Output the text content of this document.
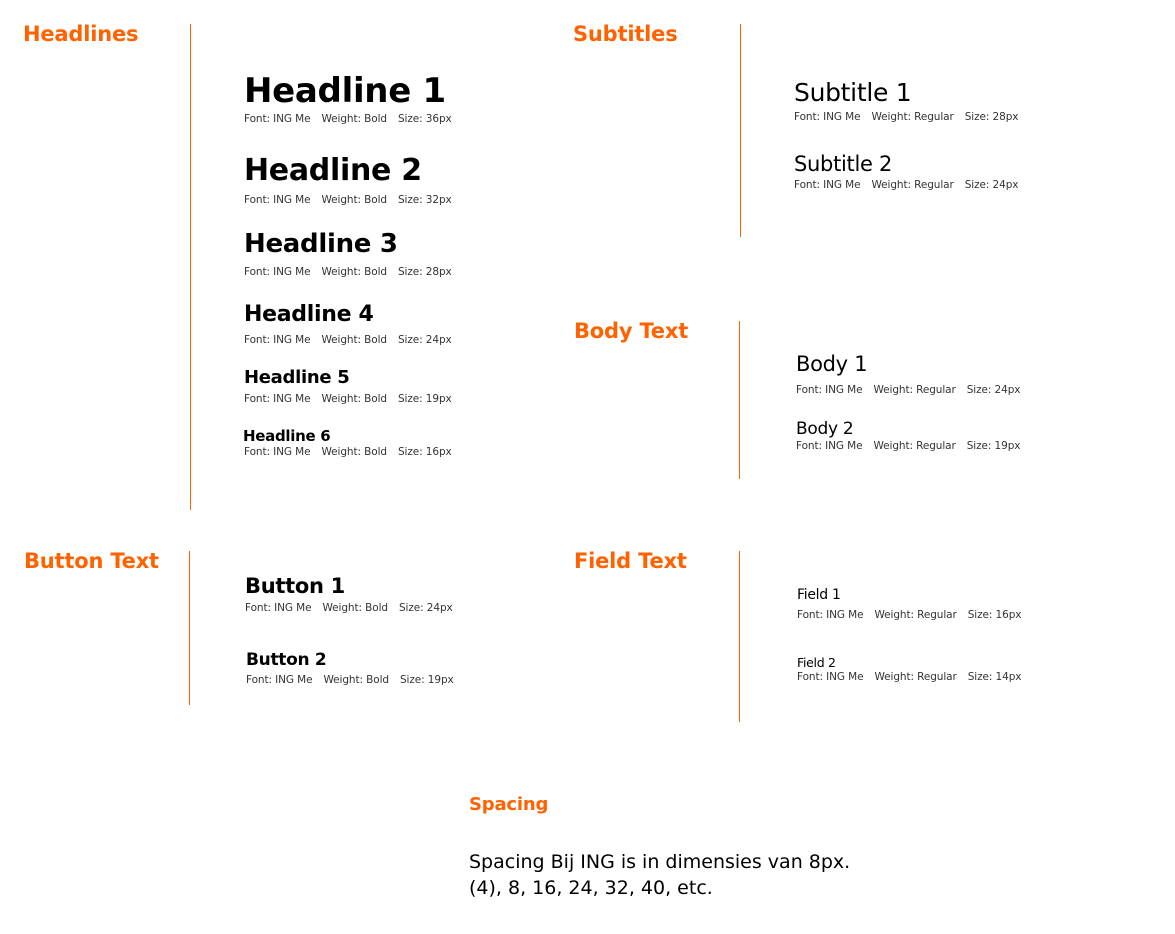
Headlines
Headline 1
Font: ING Me Weight: Bold Size: 36px
Headline 2
Font: ING Me Weight: Bold Size: 32px
Headline 3
Font: ING Me Weight: Bold Size: 28px
Headline 4
Font: ING Me Weight: Bold Size: 24px
Headline 5
Font: ING Me Weight: Bold Size: 19px
Headline 6
Font: ING Me Weight: Bold Size: 16px
Subtitles
Subtitle 1
Font: ING Me Weight: Regular Size: 28px
Subtitle 2
Font: ING Me Weight: Regular Size: 24px
Body Text
Body 1
Font: ING Me Weight: Regular Size: 24px
Body 2
Font: ING Me Weight: Regular Size: 19px
Button Text
Button 1
Font: ING Me Weight: Bold Size: 24px
Button 2
Font: ING Me Weight: Bold Size: 19px
Field Text
Field 1
Font: ING Me Weight: Regular Size: 16px
Field 2
Font: ING Me Weight: Regular Size: 14px
Spacing
Spacing Bij ING is in dimensies van 8px.
(4), 8, 16, 24, 32, 40, etc.
